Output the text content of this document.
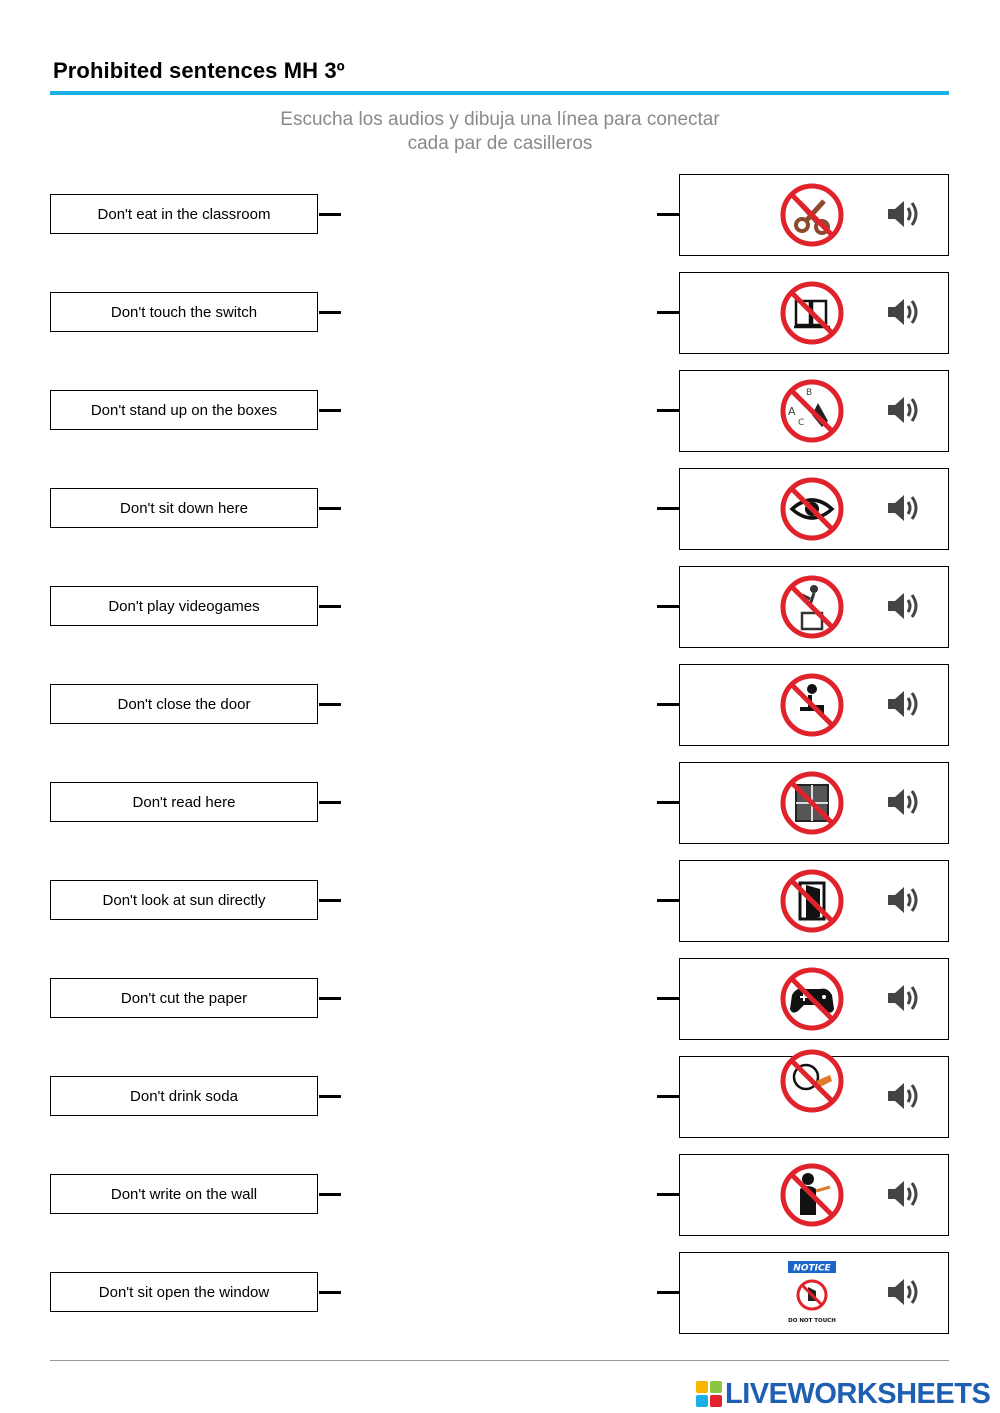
Prohibited sentences MH 3º
Escucha los audios y dibuja una línea para conectar
cada par de casilleros
Don't eat in the classroom
Don't touch the switch
Don't stand up on the boxes	A
B
C
Don't sit down here
Don't play videogames
Don't close the door
Don't read here
Don't look at sun directly
Don't cut the paper
Don't drink soda
Don't write on the wall
Don't sit open the window
NOTICE
DO NOT TOUCH
LIVEWORKSHEETS
